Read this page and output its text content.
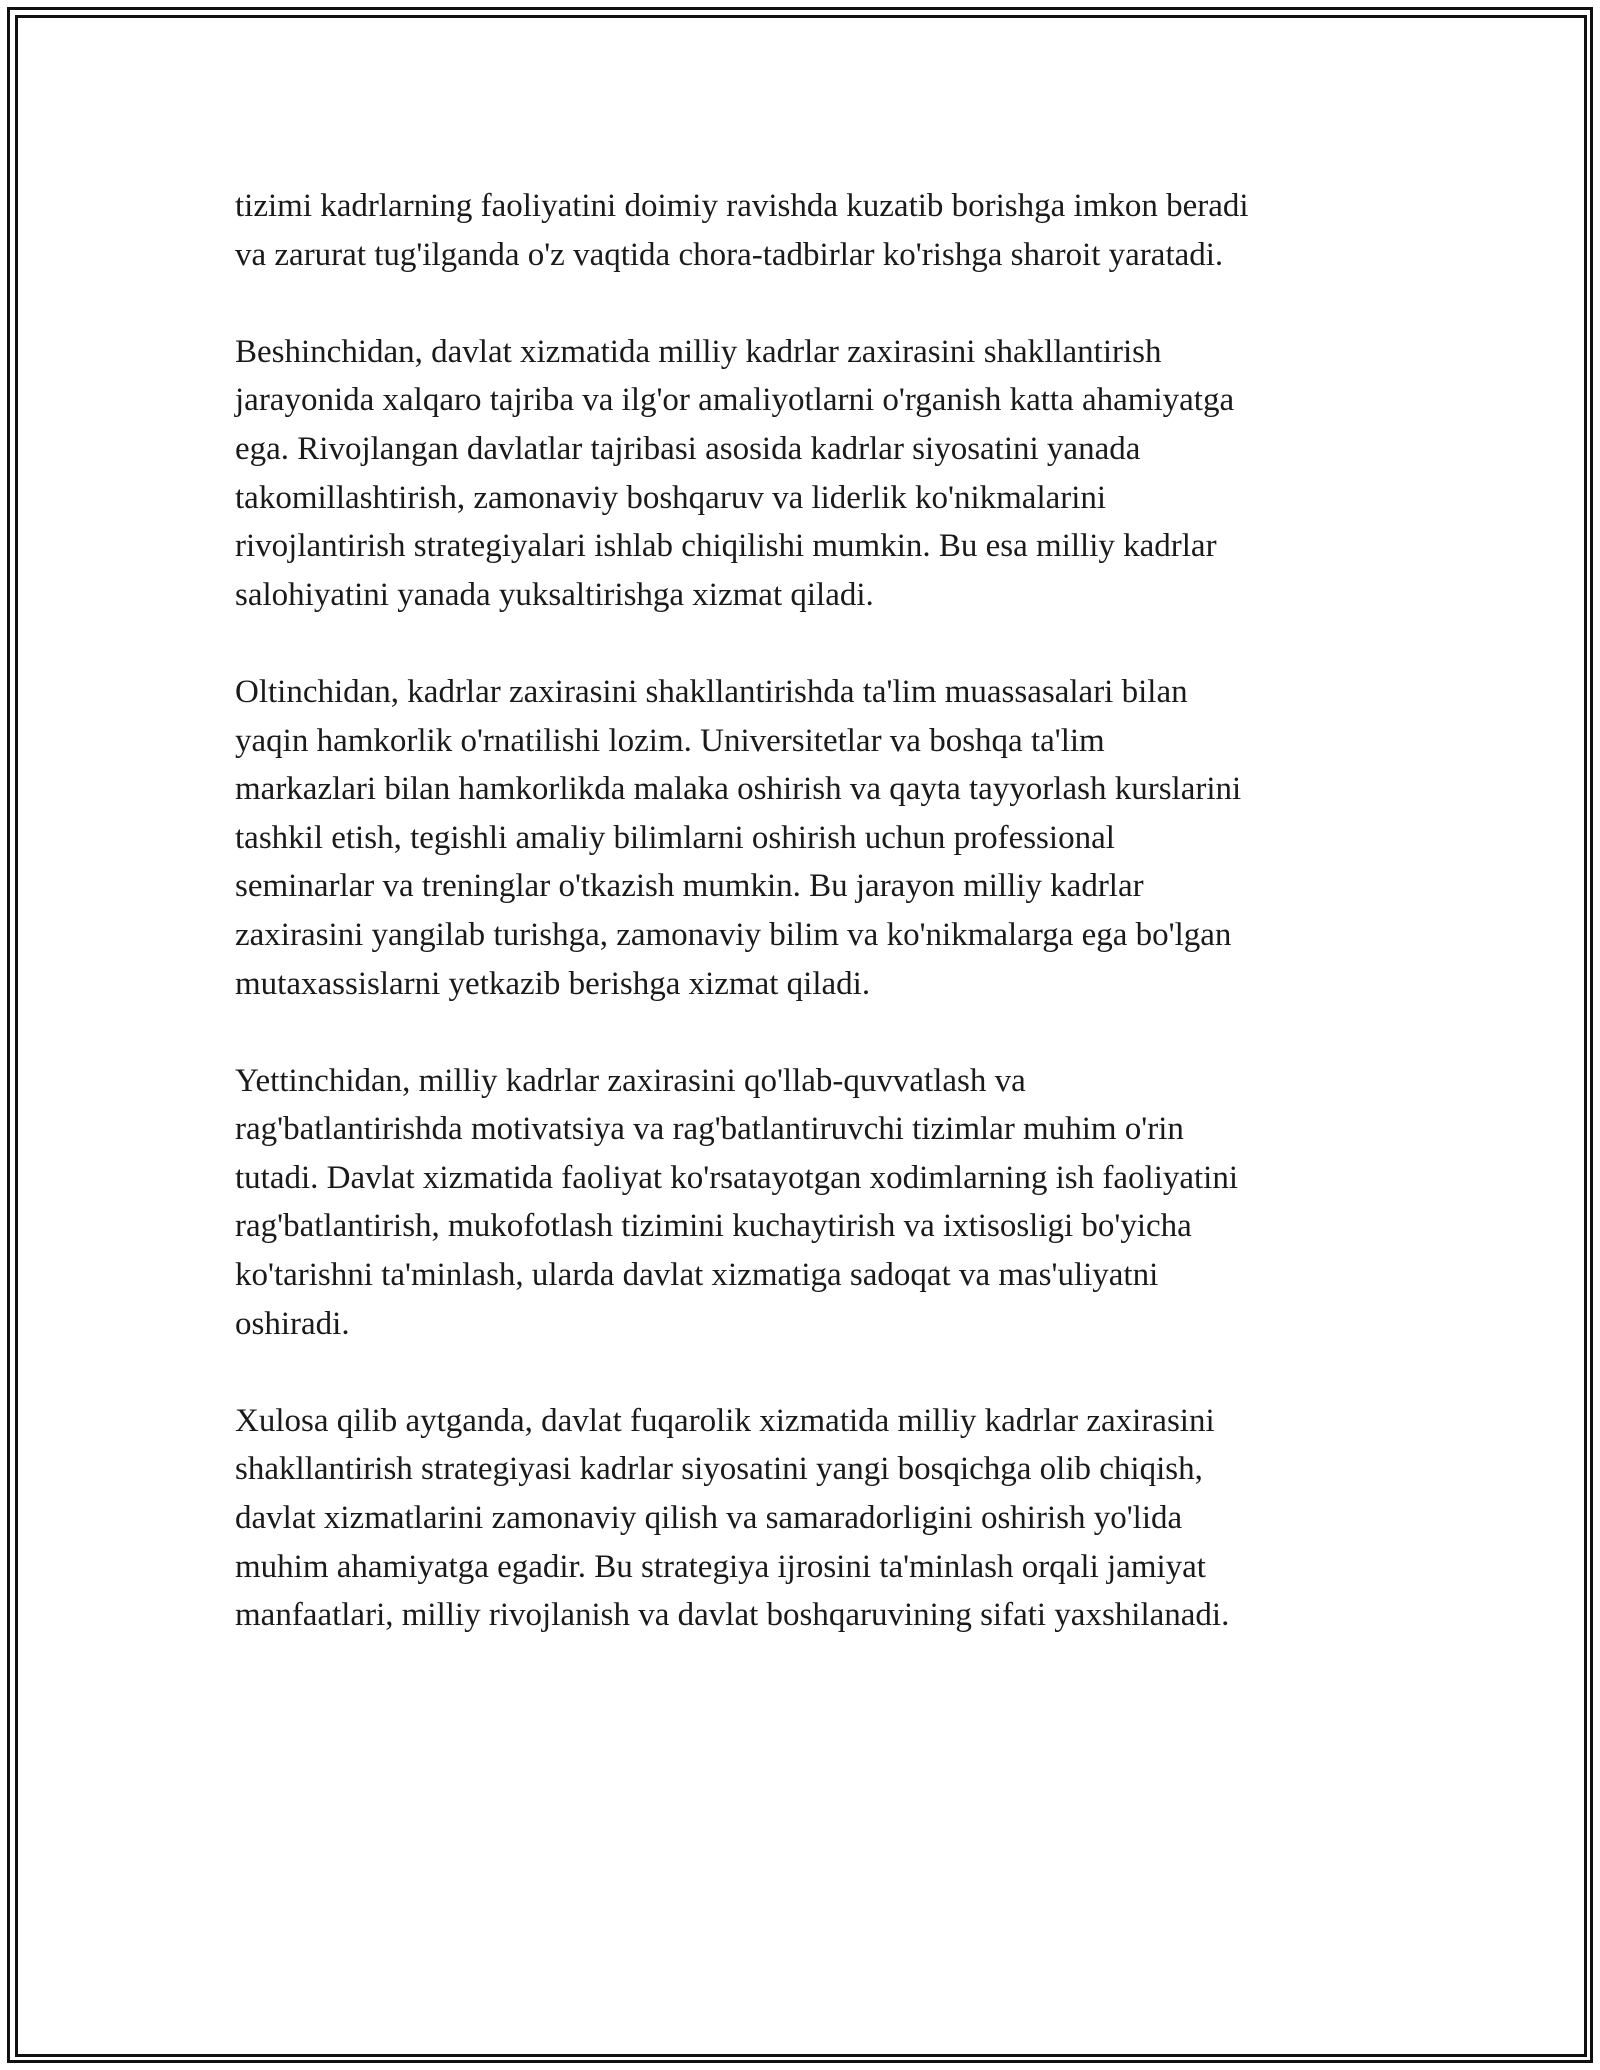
tizimi kadrlarning faoliyatini doimiy ravishda kuzatib borishga imkon beradi
va zarurat tug'ilganda o'z vaqtida chora-tadbirlar ko'rishga sharoit yaratadi.

Beshinchidan, davlat xizmatida milliy kadrlar zaxirasini shakllantirish
jarayonida xalqaro tajriba va ilg'or amaliyotlarni o'rganish katta ahamiyatga
ega. Rivojlangan davlatlar tajribasi asosida kadrlar siyosatini yanada
takomillashtirish, zamonaviy boshqaruv va liderlik ko'nikmalarini
rivojlantirish strategiyalari ishlab chiqilishi mumkin. Bu esa milliy kadrlar
salohiyatini yanada yuksaltirishga xizmat qiladi.

Oltinchidan, kadrlar zaxirasini shakllantirishda ta'lim muassasalari bilan
yaqin hamkorlik o'rnatilishi lozim. Universitetlar va boshqa ta'lim
markazlari bilan hamkorlikda malaka oshirish va qayta tayyorlash kurslarini
tashkil etish, tegishli amaliy bilimlarni oshirish uchun professional
seminarlar va treninglar o'tkazish mumkin. Bu jarayon milliy kadrlar
zaxirasini yangilab turishga, zamonaviy bilim va ko'nikmalarga ega bo'lgan
mutaxassislarni yetkazib berishga xizmat qiladi.

Yettinchidan, milliy kadrlar zaxirasini qo'llab-quvvatlash va
rag'batlantirishda motivatsiya va rag'batlantiruvchi tizimlar muhim o'rin
tutadi. Davlat xizmatida faoliyat ko'rsatayotgan xodimlarning ish faoliyatini
rag'batlantirish, mukofotlash tizimini kuchaytirish va ixtisosligi bo'yicha
ko'tarishni ta'minlash, ularda davlat xizmatiga sadoqat va mas'uliyatni
oshiradi.

Xulosa qilib aytganda, davlat fuqarolik xizmatida milliy kadrlar zaxirasini
shakllantirish strategiyasi kadrlar siyosatini yangi bosqichga olib chiqish,
davlat xizmatlarini zamonaviy qilish va samaradorligini oshirish yo'lida
muhim ahamiyatga egadir. Bu strategiya ijrosini ta'minlash orqali jamiyat
manfaatlari, milliy rivojlanish va davlat boshqaruvining sifati yaxshilanadi.
